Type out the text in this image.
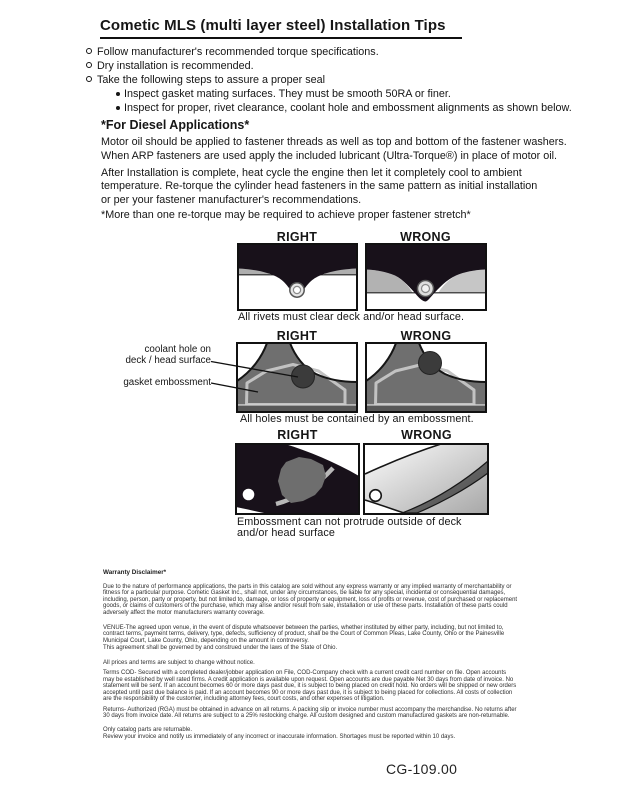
Cometic MLS (multi layer steel) Installation Tips
Follow manufacturer's recommended torque specifications.
Dry installation is recommended.
Take the following steps to assure a proper seal
Inspect gasket mating surfaces. They must be smooth 50RA or finer.
Inspect for proper, rivet clearance, coolant hole and embossment alignments as shown below.
*For Diesel Applications*
Motor oil should be applied to fastener threads as well as top and bottom of the fastener washers.
When ARP fasteners are used apply the included lubricant (Ultra-Torque®) in place of motor oil.
After Installation is complete, heat cycle the engine then let it completely cool to ambient
temperature. Re-torque the cylinder head fasteners in the same pattern as initial installation
or per your fastener manufacturer's recommendations.
*More than one re-torque may be required to achieve proper fastener stretch*
RIGHT	WRONG
All rivets must clear deck and/or head surface.
RIGHT	WRONG
coolant hole on
deck / head surface
gasket embossment
All holes must be contained by an embossment.
RIGHT	WRONG
Embossment can not protrude outside of deck
and/or head surface
Warranty Disclaimer*
Due to the nature of performance applications, the parts in this catalog are sold without any express warranty or any implied warranty of merchantability or fitness for a particular purpose. Cometic Gasket Inc., shall not, under any circumstances, be liable for any special, incidental or consequential damages, including, person, party or property, but not limited to, damage, or loss of property or equipment, loss of profits or revenue, cost of purchased or replacement goods, or claims of customers of the purchase, which may arise and/or result from sale, installation or use of these parts. Installation of these parts could adversely affect the motor manufacturers warranty coverage.
VENUE-The agreed upon venue, in the event of dispute whatsoever between the parties, whether instituted by either party, including, but not limited to, contract terms, payment terms, delivery, type, defects, sufficiency of product, shall be the Court of Common Pleas, Lake County, Ohio or the Painesville Municipal Court, Lake County, Ohio, depending on the amount in controversy.
This agreement shall be governed by and construed under the laws of the State of Ohio.
All prices and terms are subject to change without notice.
Terms COD- Secured with a completed dealer/jobber application on File, COD-Company check with a current credit card number on file. Open accounts may be established by well rated firms. A credit application is available upon request. Open accounts are due payable Net 30 days from date of invoice. No statement will be sent. If an account becomes 60 or more days past due, it is subject to being placed on credit hold. No orders will be shipped or new orders accepted until past due balance is paid. If an account becomes 90 or more days past due, it is subject to being placed for collections. All costs of collection are the responsibility of the customer, including attorney fees, court costs, and other expenses of litigation.
Returns- Authorized (RGA) must be obtained in advance on all returns. A packing slip or invoice number must accompany the merchandise. No returns after 30 days from invoice date. All returns are subject to a 25% restocking charge. All custom designed and custom manufactured gaskets are non-returnable.
Only catalog parts are returnable.
Review your invoice and notify us immediately of any incorrect or inaccurate information. Shortages must be reported within 10 days.
CG-109.00
